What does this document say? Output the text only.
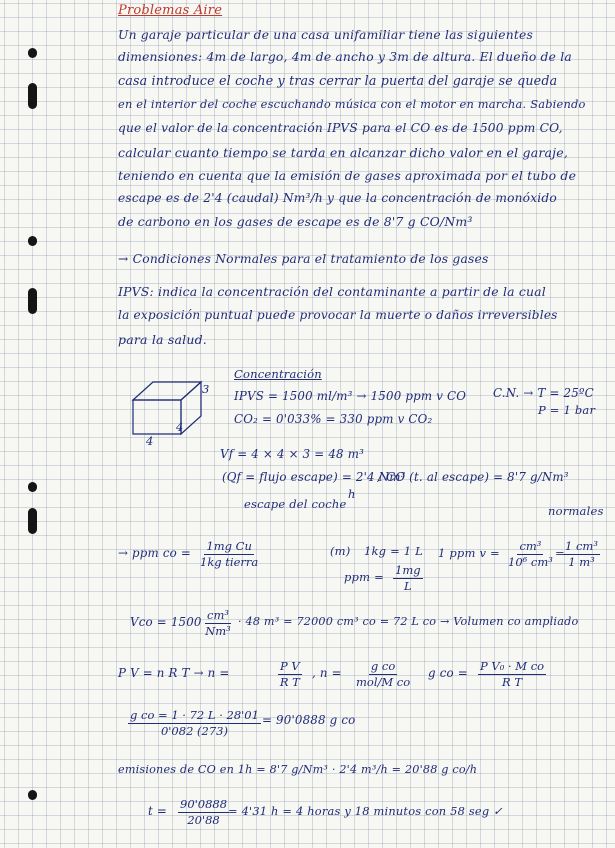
Problemas Aire

Un garaje particular de una casa unifamiliar tiene las siguientes

dimensiones: 4m de largo, 4m de ancho y 3m de altura. El dueño de la

casa introduce el coche y tras cerrar la puerta del garaje se queda

en el interior del coche escuchando música con el motor en marcha. Sabiendo

que el valor de la concentración IPVS para el CO es de 1500 ppm CO,

calcular cuanto tiempo se tarda en alcanzar dicho valor en el garaje,

teniendo en cuenta que la emisión de gases aproximada por el tubo de

escape es de 2'4 (caudal) Nm³/h y que la concentración de monóxido

de carbono en los gases de escape es de 8'7 g CO/Nm³

→ Condiciones Normales para el tratamiento de los gases

IPVS: indica la concentración del contaminante a partir de la cual

la exposición puntual puede provocar la muerte o daños irreversibles

para la salud.

3

4

4

Concentración

IPVS = 1500 ml/m³ → 1500 ppm v CO

CO₂ = 0'033% = 330 ppm v CO₂

C.N. → T = 25ºC

P = 1 bar

Vf = 4 × 4 × 3 = 48 m³

(Qf = flujo escape) = 2'4 Nm³

h

escape del coche

/ CO (t. al escape) = 8'7 g/Nm³

normales

→ ppm co = 1mg Cu
1kg tierra

(m) 1kg = 1 L

ppm = $\frac{1mg}{L}$

1 ppm $v = \frac{\text{cm³}}{\text{10⁶ cm³}}$ =

$\frac{\text{1 cm³}}{\text{1 m³}}$

Vco = $1500 \frac{\text{cm³}}{\text{Nm³}} \cdot 48$ m³ = 72000 cm³ co = 72 L co → Volumen co ampliado

P V = n R T → n =	$\frac{\text{P V}}{\text{R T}}$ , n =	g co
mol/M co

g co = $\frac{\text{P V₀ · M co}}{\text{R T}}$
$\frac{\text{g co = 1 · 72 L · 28'01}}{0'082 (273)} = 90'0888$ g co

emisiones de CO en 1h = 8'7 g/Nm³ · 2'4 m³/h = 20'88 g co/h

$t = \frac{90'0888}{20'88}$

= 4'31 h = 4 horas y 18 minutos con 58 seg ✓
